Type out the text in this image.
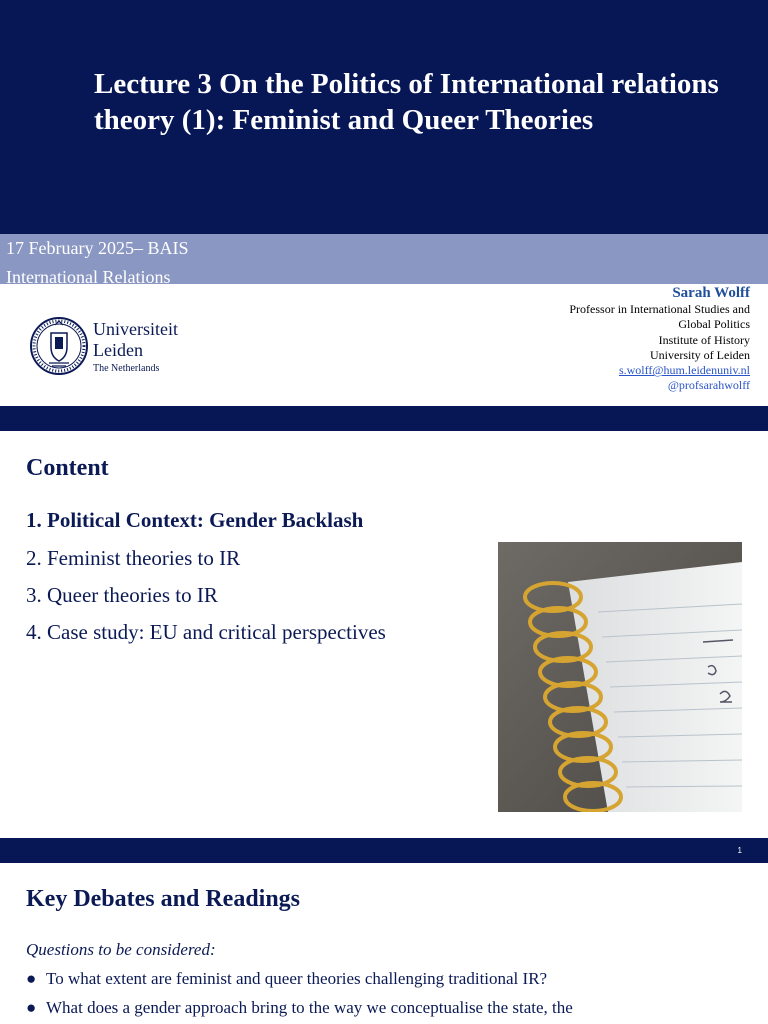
Lecture 3 On the Politics of International relations theory (1): Feminist and Queer Theories
17 February 2025– BAIS
International Relations
Universiteit
Leiden
The Netherlands
Sarah Wolff
Professor in International Studies and
Global Politics
Institute of History
University of Leiden
s.wolff@hum.leidenuniv.nl
@profsarahwolff
Content
1. Political Context: Gender Backlash
2. Feminist theories to IR
3. Queer theories to IR
4. Case study: EU and critical perspectives
1
Key Debates and Readings
Questions to be considered:
● To what extent are feminist and queer theories challenging traditional IR?
● What does a gender approach bring to the way we conceptualise the state, the
